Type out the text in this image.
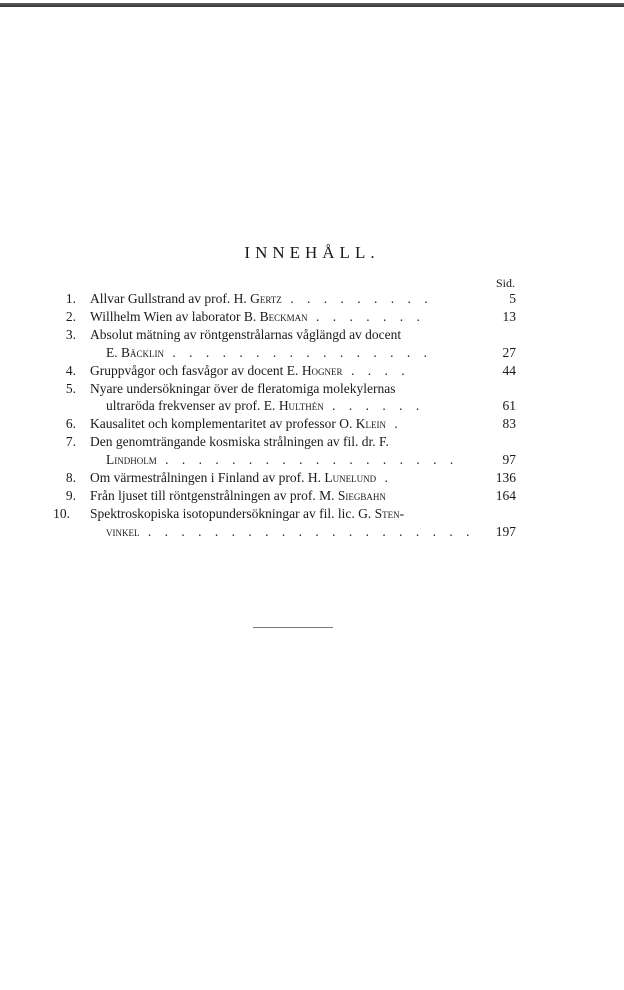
INNEHÅLL.
Sid.
1. Allvar Gullstrand av prof. H. Gertz . . . . . . . . .	5
2. Willhelm Wien av laborator B. Beckman . . . . . . .	13
3. Absolut mätning av röntgenstrålarnas våglängd av docent
E. Bäcklin . . . . . . . . . . . . . . . .	27
4. Gruppvågor och fasvågor av docent E. Hogner . . . .	44
5. Nyare undersökningar över de fleratomiga molekylernas
ultraröda frekvenser av prof. E. Hulthén . . . . . .	61
6. Kausalitet och komplementaritet av professor O. Klein .	83
7. Den genomträngande kosmiska strålningen av fil. dr. F.
Lindholm . . . . . . . . . . . . . . . . . .	97
8. Om värmestrålningen i Finland av prof. H. Lunelund .	136
9. Från ljuset till röntgenstrålningen av prof. M. Siegbahn	164
10. Spektroskopiska isotopundersökningar av fil. lic. G. Sten-
vinkel . . . . . . . . . . . . . . . . . . . .	197
